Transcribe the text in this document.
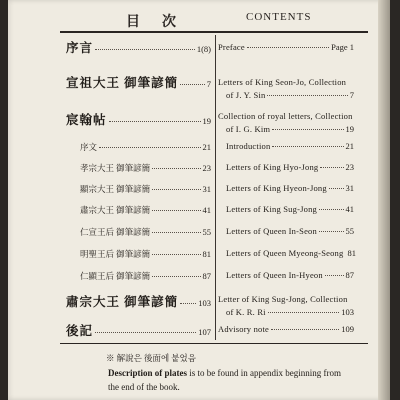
目次	CONTENTS
序言	1(8)
宣祖大王 御筆諺簡	7
宸翰帖	19
序文	21
孝宗大王 御筆諺簡	23
顯宗大王 御筆諺簡	31
肅宗大王 御筆諺簡	41
仁宣王后 御筆諺簡	55
明聖王后 御筆諺簡	81
仁顯王后 御筆諺簡	87
肅宗大王 御筆諺簡 103
後記	107
Preface	Page 1
Letters of King Seon-Jo, Collection
of J. Y. Sin	7
Collection of royal letters, Collection
of I. G. Kim	19
Introduction	21
Letters of King Hyo-Jong	23
Letters of King Hyeon-Jong 31
Letters of King Sug-Jong	41
Letters of Queen In-Seon	55
Letters of Queen Myeong-Seong 81
Letters of Queen In-Hyeon	87
Letter of King Sug-Jong, Collection
of K. R. Ri	103
Advisory note	109
※ 解說은 後面에 붙었음
Description of plates is to be found in appendix beginning from the end of the book.
